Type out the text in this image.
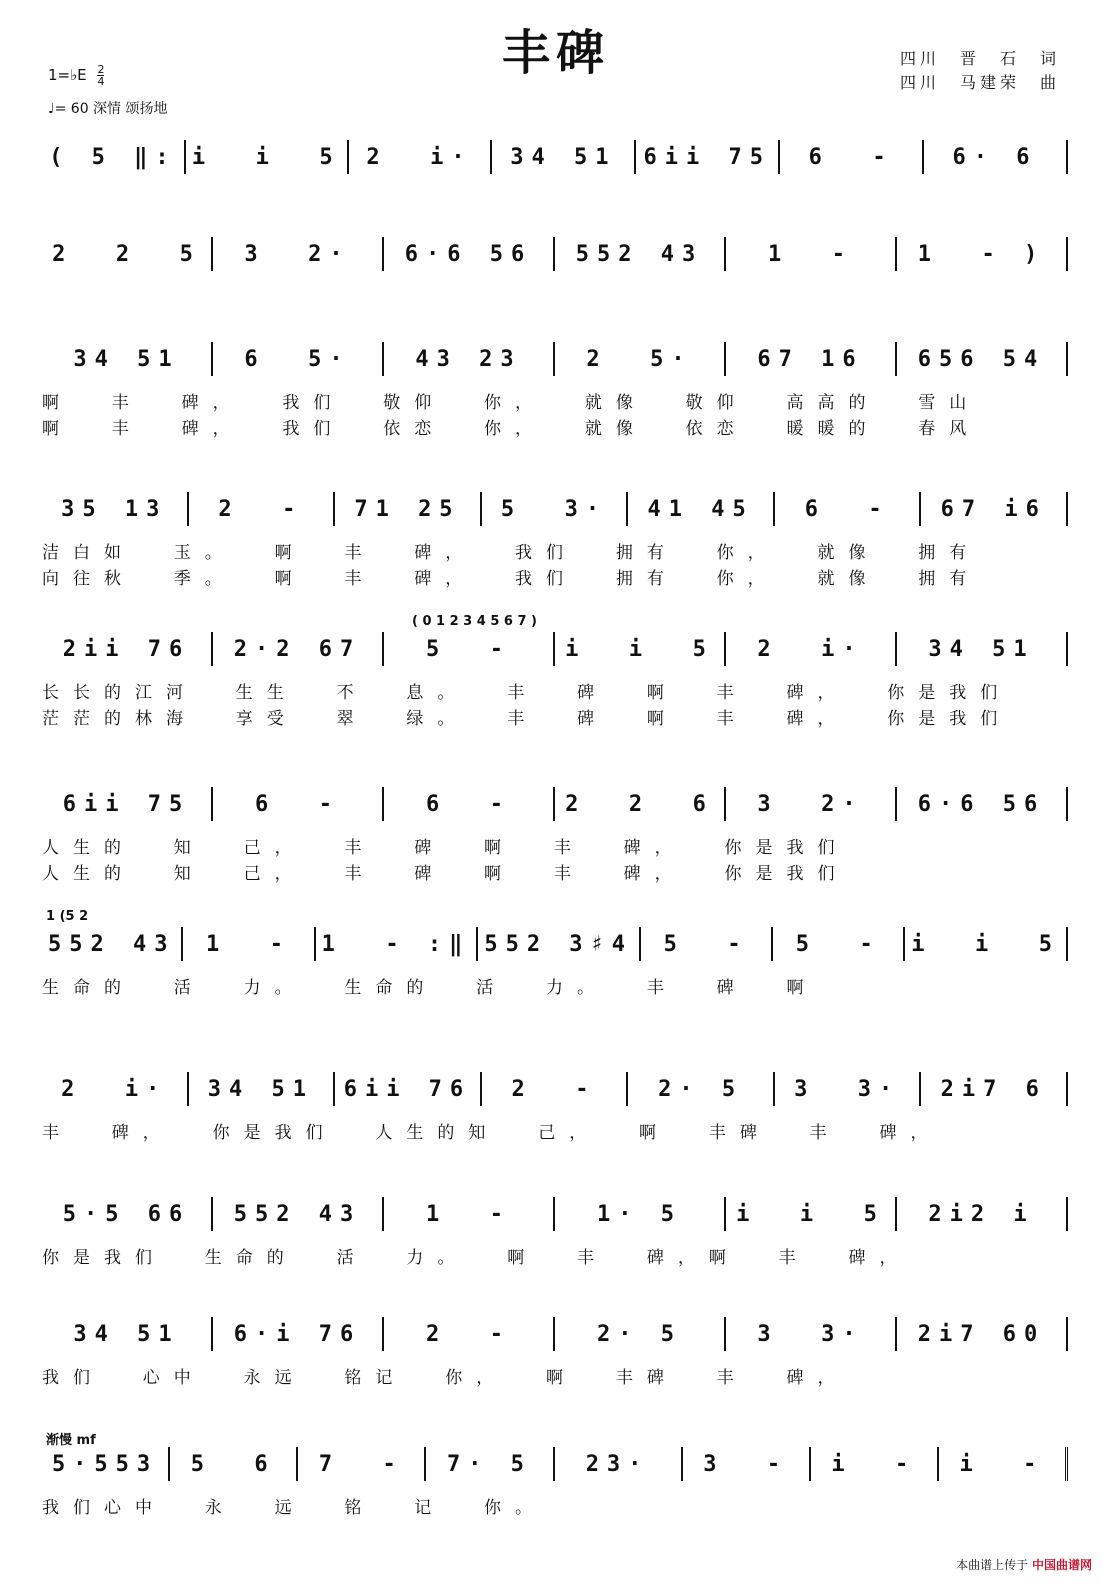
丰碑	四川　晋　石　词
四川　马建荣　曲
1=♭E $\frac{2}{4}$
♩= 60 深情 颂扬地
( 5 ‖: i  i  5 2  i· 34 51 6ii 75 6  -	6· 6
2  2  5 3  2· 6·6 56 552 43	1  -	1  - )
34 51	6  5·	43 23	2  5·	67 16 656 54
啊  丰  碑，  我们  敬仰  你，  就像  敬仰  高高的  雪山
啊  丰  碑，  我们  依恋  你，  就像  依恋  暖暖的  春风
35 13 2  - 71 25 5  3· 41 45 6  - 67 i6
洁白如  玉。  啊  丰  碑，  我们  拥有  你，  就像  拥有
向往秋  季。  啊  丰  碑，  我们  拥有  你，  就像  拥有
( 0 1 2 3 4 5 6 7 )
2ii 76 2·2 67	5  - i  i  5 2  i·	34 51
长长的江河  生生  不  息。  丰  碑  啊  丰  碑，  你是我们
茫茫的林海  享受  翠  绿。  丰  碑  啊  丰  碑，  你是我们
6ii 75	6  -	6  - 2  2  6 3  2· 6·6 56
人生的  知  己，  丰  碑  啊  丰  碑，  你是我们
人生的  知  己，  丰  碑  啊  丰  碑，  你是我们
1 (5 2
552 43 1  - 1  - :‖ 552 3♯4 5  - 5  - i  i  5
生命的  活  力。  生命的  活  力。  丰  碑  啊
2  i· 34 51 6ii 76 2  -	2· 5 3  3· 2i7 6
丰  碑，  你是我们  人生的知  己，  啊  丰碑  丰  碑，
5·5 66 552 43	1  -	1· 5 i  i  5 2i2 i
你是我们  生命的  活  力。  啊  丰  碑，啊  丰  碑，
34 51 6·i 76	2  -	2· 5	3  3· 2i7 60
我们  心中  永远  铭记  你，  啊  丰碑  丰  碑，
渐慢 mf
5·553 5  6 7  - 7· 5 23· 3  - i  - i  -
我们心中  永  远  铭  记  你。
本曲谱上传于 中国曲谱网
